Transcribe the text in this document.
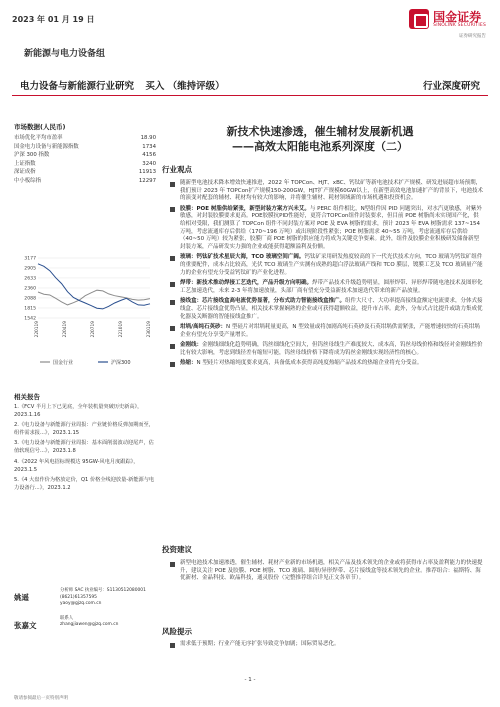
2023 年 01 月 19 日	国金证券
SINOLINK SECURITIES
证券研究报告
新能源与电力设备组
电力设备与新能源行业研究 买入 （维持评级）	行业深度研究
市场数据(人民币)
市场优化平均市盈率	18.90
国金电力设备与新能源指数	1734
沪深 300 指数	4156
上证指数	3240
深证成指	11913
中小板综指	12297
3177
2905
2633
2360
2088
1815
1542
220119	220419	220719	221019	230119
国金行业	沪深300
相关报告
1.《FCV 半月上下已见底，全年装机量突破历史新高》，2023.1.16
2.《电力设备与新能源行业周报：产业链价格反弹加期而至，组件需求报...》，2023.1.15
3.《电力设备与新能源行业周报：基本面削弱波动迎尾声，估值软现信号...》，2023.1.8
4.《2022 年风电招标规模达 95GW-风电月度跟踪》，2023.1.5
5.《4 大盘作价为格放定价，Q1 价格全线迎放量-新能源与电力设备行...》，2023.1.2
姚遥
分析师 SAC 执业编号：S1130512080001
(8621)61357595
yaoy@gjzq.com.cn
张嘉文
联系人
zhangjiawen@gjzq.com.cn
新技术快速渗透，催生辅材发展新机遇
——高效太阳能电池系列深度（二）
行业观点
随新型电池技术降本增效快速推进，2022 年 TOPCon、HJT、xBC、钙钛矿等新电池技术扩产规模、研发进展超市场预期，我们预计 2023 年 TOPCon扩产规模150-200GW，HJT扩产规模60GW以上，在新型高效电池加速扩产的背景下，电池技术的演变对配套的辅材、耗材均有较大的影响，并将催生辅材、耗材领域新的市场机遇和投资机会。
胶膜：POE 树脂供给紧张，新型封装方案方兴未艾。与 PERC 组件相比，N型组件因 PID 问题突出，对水汽更敏感，对紫外敏感，对封装胶膜要求更高。POE胶膜抗PID性能好，更符合TOPCon组件封装要求，但目前 POE 树脂尚未实现国产化，供给相对受限，我们测算了 TOPCon 组件不同封装方案对 POE 及 EVA 树脂的需求，预计 2023 年 EVA 树脂需求 137~154 万吨，考虑流通库存后供给（170~196 万吨）或出现阶段性紧张；POE 树脂需求 40~55 万吨，考虑流通库存后供给（40~50 万吨）较为紧张，胶膜厂商 POE 树脂的供应能力将成为关键竞争要素。此外，组件及胶膜企业积极研发储备新型封装方案，产品研发实力强的企业或能获得超额溢利及份额。
玻璃：钙钛矿技术星辰大海，TCO 玻璃空间广阔。钙钛矿采用研发热度较高的下一代光伏技术方向，TCO 玻璃为钙钛矿组件的重要配件，成本占比较高，光伏 TCO 玻璃生产实测有成熟的超白浮法玻璃产线和 TCO 膜层，镀膜工艺及 TCO 玻璃量产能力的企业有望充分受益钙钛矿的产业化进程。
焊带：新技术推动焊接工艺迭代，产品升级方向明确。焊带产品技术升级趋势明显，圆形焊带、异形焊带随电池技术及图形化工艺加速迭代，未来 2-3 年将加速放量，头部厂商有望充分受益新技术加速迭代带来的新产品放量。
接线盒：芯片接线盒高电流优势显著，分布式助力智能接线盒推广。组件大尺寸、大功率提高接线盒额定电流要求，分体式接线盒、芯片接线盒优势凸显，相关技术掌握娴熟的企业或可获得超额收益，提升市占率。此外，分布式占比提升或助力集成优化器及关断器的智能接线盒推广。
坩埚/高纯石英砂：N 型硅片对坩埚耗量更高，N 型效量或将加剧高纯石英砂及石英坩埚供需紧张，产能增速较快的石英坩埚企业有望充分享受产量增长。
金刚线：金刚线细线化趋势明确，钨丝细线化空间大，但钨丝母线生产难度较大、成本高，钨丝母线价格和线径对金刚线性价比有较大影响，考虑到线径差有缩短可能，钨丝母线价格下降将成为钨丝金刚线实现经济性的核心。
热缩：N 型硅片对热缩纯度要求更高，具备低成本获得高纯度热缩产品技术的热缩企业将充分受益。
投资建议
新型电池技术加速渗透，催生辅材、耗材产业新的市场机遇，相关产品及技术领先的企业或将获得市占率及盈利能力的快速提升，建议关注 POE 及胶膜、POE 树脂、TCO 玻璃、圆形/异形焊带、芯片接线盒等技术领先的企业。推荐组合：福斯特、海优新材、金晶科技、欧晶科技，通灵股份（完整推荐组合详见正文各章节）。
风险提示
需求低于预期；行业产能无序扩张导致竞争加剧；国际贸易恶化。
- 1 -
敬请参阅最后一页特别声明
